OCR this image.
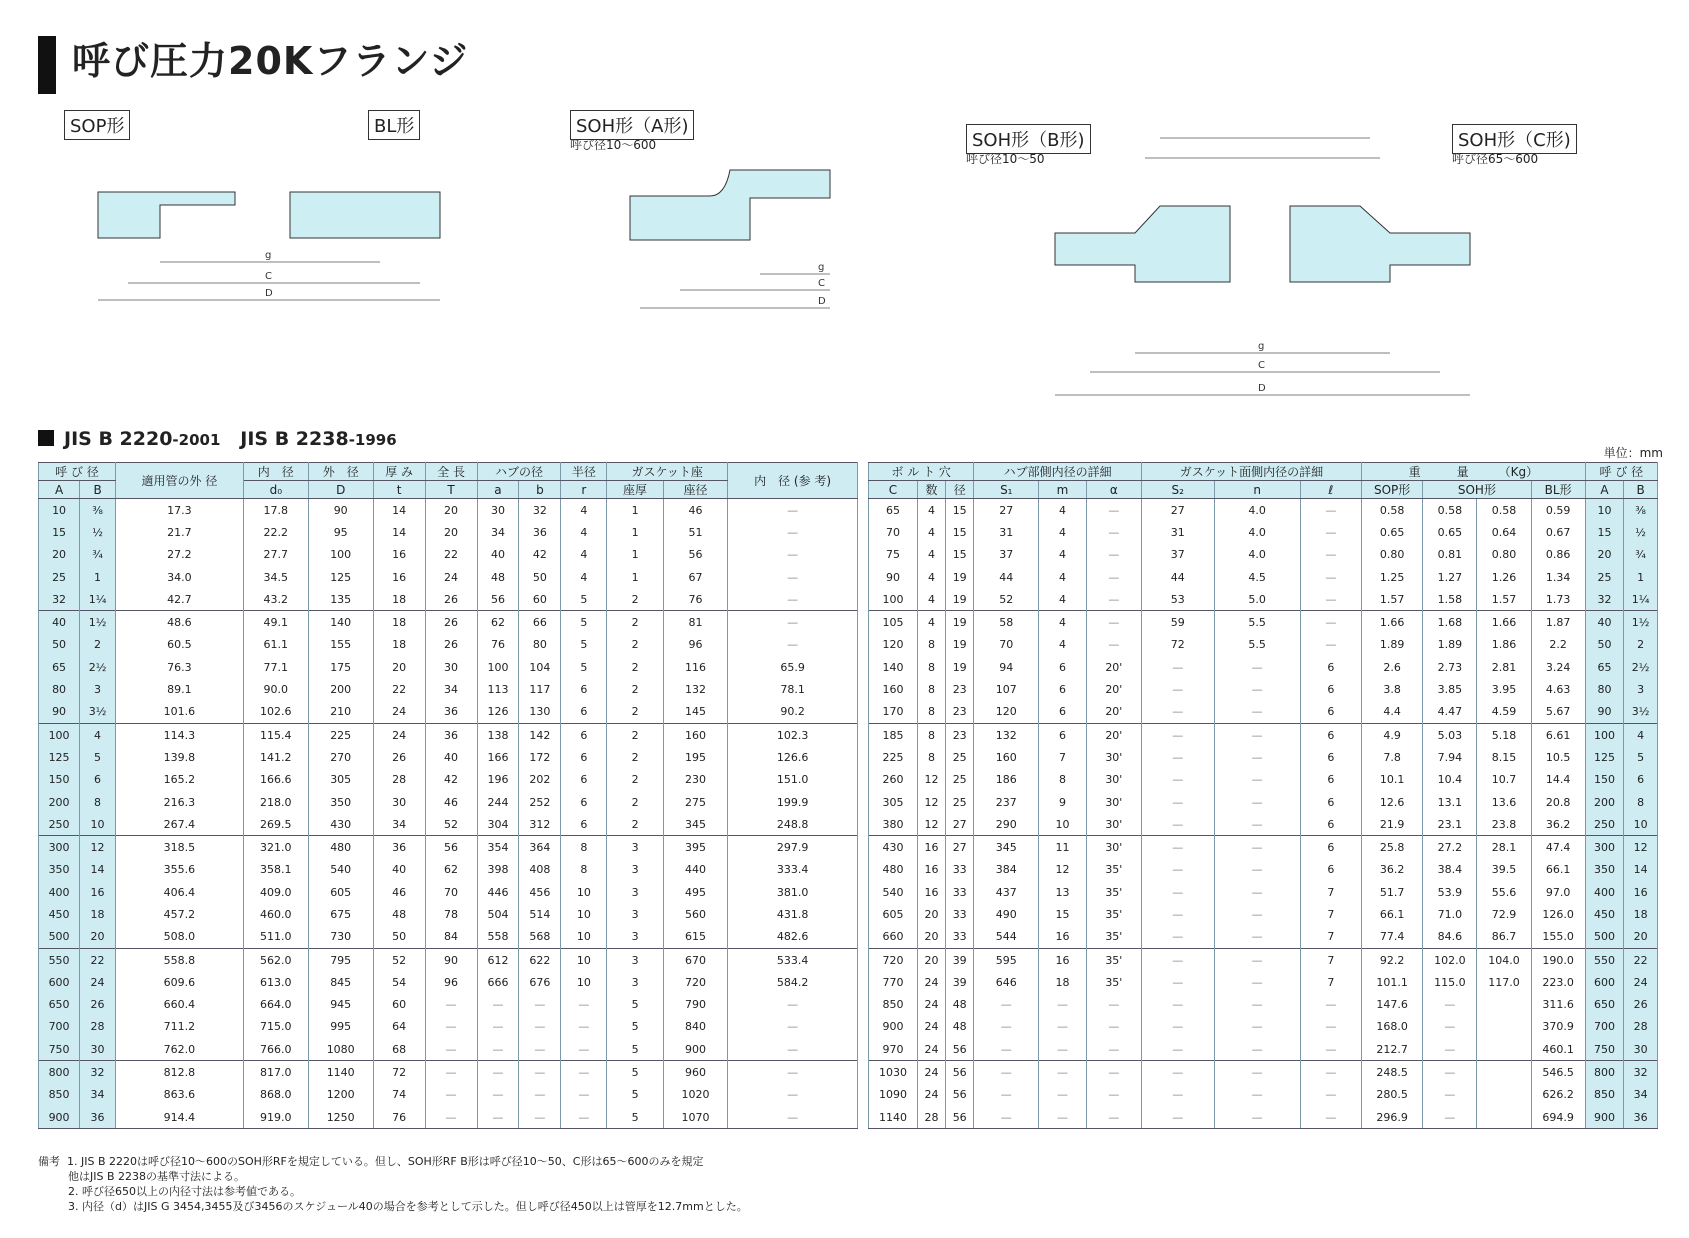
呼び圧力20Kフランジ
SOP形	BL形	SOH形（A形)
呼び径10～600	SOH形（B形)
呼び径10～50
SOH形（C形)
呼び径65～600
D
C
g
D
C
g
D
C
g
JIS B 2220-2001 JIS B 2238-1996
単位：mm
呼 び 径		適用管の外 径	内　径	外　径	厚 み	全 長	ハブの径		半径	ガスケット座		内　径 (参 考)
A	B		d₀	D	t	T	a	b	r	座厚	座径	
10	⅜	17.3	17.8	90	14	20	30	32	4	1	46	—
15	½	21.7	22.2	95	14	20	34	36	4	1	51	—
20	¾	27.2	27.7	100	16	22	40	42	4	1	56	—
25	1	34.0	34.5	125	16	24	48	50	4	1	67	—
32	1¼	42.7	43.2	135	18	26	56	60	5	2	76	—
40	1½	48.6	49.1	140	18	26	62	66	5	2	81	—
50	2	60.5	61.1	155	18	26	76	80	5	2	96	—
65	2½	76.3	77.1	175	20	30	100	104	5	2	116	65.9
80	3	89.1	90.0	200	22	34	113	117	6	2	132	78.1
90	3½	101.6	102.6	210	24	36	126	130	6	2	145	90.2
100	4	114.3	115.4	225	24	36	138	142	6	2	160	102.3
125	5	139.8	141.2	270	26	40	166	172	6	2	195	126.6
150	6	165.2	166.6	305	28	42	196	202	6	2	230	151.0
200	8	216.3	218.0	350	30	46	244	252	6	2	275	199.9
250	10	267.4	269.5	430	34	52	304	312	6	2	345	248.8
300	12	318.5	321.0	480	36	56	354	364	8	3	395	297.9
350	14	355.6	358.1	540	40	62	398	408	8	3	440	333.4
400	16	406.4	409.0	605	46	70	446	456	10	3	495	381.0
450	18	457.2	460.0	675	48	78	504	514	10	3	560	431.8
500	20	508.0	511.0	730	50	84	558	568	10	3	615	482.6
550	22	558.8	562.0	795	52	90	612	622	10	3	670	533.4
600	24	609.6	613.0	845	54	96	666	676	10	3	720	584.2
650	26	660.4	664.0	945	60	—	—	—	—	5	790	—
700	28	711.2	715.0	995	64	—	—	—	—	5	840	—
750	30	762.0	766.0	1080	68	—	—	—	—	5	900	—
800	32	812.8	817.0	1140	72	—	—	—	—	5	960	—
850	34	863.6	868.0	1200	74	—	—	—	—	5	1020	—
900	36	914.4	919.0	1250	76	—	—	—	—	5	1070	—
ボ ル ト 穴			ハブ部側内径の詳細			ガスケット面側内径の詳細			重　　　量　　　（Kg）				呼 び 径	
C	数	径	S₁	m	α	S₂	n	ℓ	SOP形	SOH形		BL形	A	B
65	4	15	27	4	—	27	4.0	—	0.58	0.58	0.58	0.59	10	⅜
70	4	15	31	4	—	31	4.0	—	0.65	0.65	0.64	0.67	15	½
75	4	15	37	4	—	37	4.0	—	0.80	0.81	0.80	0.86	20	¾
90	4	19	44	4	—	44	4.5	—	1.25	1.27	1.26	1.34	25	1
100	4	19	52	4	—	53	5.0	—	1.57	1.58	1.57	1.73	32	1¼
105	4	19	58	4	—	59	5.5	—	1.66	1.68	1.66	1.87	40	1½
120	8	19	70	4	—	72	5.5	—	1.89	1.89	1.86	2.2	50	2
140	8	19	94	6	20'	—	—	6	2.6	2.73	2.81	3.24	65	2½
160	8	23	107	6	20'	—	—	6	3.8	3.85	3.95	4.63	80	3
170	8	23	120	6	20'	—	—	6	4.4	4.47	4.59	5.67	90	3½
185	8	23	132	6	20'	—	—	6	4.9	5.03	5.18	6.61	100	4
225	8	25	160	7	30'	—	—	6	7.8	7.94	8.15	10.5	125	5
260	12	25	186	8	30'	—	—	6	10.1	10.4	10.7	14.4	150	6
305	12	25	237	9	30'	—	—	6	12.6	13.1	13.6	20.8	200	8
380	12	27	290	10	30'	—	—	6	21.9	23.1	23.8	36.2	250	10
430	16	27	345	11	30'	—	—	6	25.8	27.2	28.1	47.4	300	12
480	16	33	384	12	35'	—	—	6	36.2	38.4	39.5	66.1	350	14
540	16	33	437	13	35'	—	—	7	51.7	53.9	55.6	97.0	400	16
605	20	33	490	15	35'	—	—	7	66.1	71.0	72.9	126.0	450	18
660	20	33	544	16	35'	—	—	7	77.4	84.6	86.7	155.0	500	20
720	20	39	595	16	35'	—	—	7	92.2	102.0	104.0	190.0	550	22
770	24	39	646	18	35'	—	—	7	101.1	115.0	117.0	223.0	600	24
850	24	48	—	—	—	—	—	—	147.6	—		311.6	650	26
900	24	48	—	—	—	—	—	—	168.0	—		370.9	700	28
970	24	56	—	—	—	—	—	—	212.7	—		460.1	750	30
1030	24	56	—	—	—	—	—	—	248.5	—		546.5	800	32
1090	24	56	—	—	—	—	—	—	280.5	—		626.2	850	34
1140	28	56	—	—	—	—	—	—	296.9	—		694.9	900	36
備考 1. JIS B 2220は呼び径10～600のSOH形RFを規定している。但し、SOH形RF B形は呼び径10～50、C形は65～600のみを規定
他はJIS B 2238の基準寸法による。
2. 呼び径650以上の内径寸法は参考値である。
3. 内径（d）はJIS G 3454,3455及び3456のスケジュール40の場合を参考として示した。但し呼び径450以上は管厚を12.7mmとした。
